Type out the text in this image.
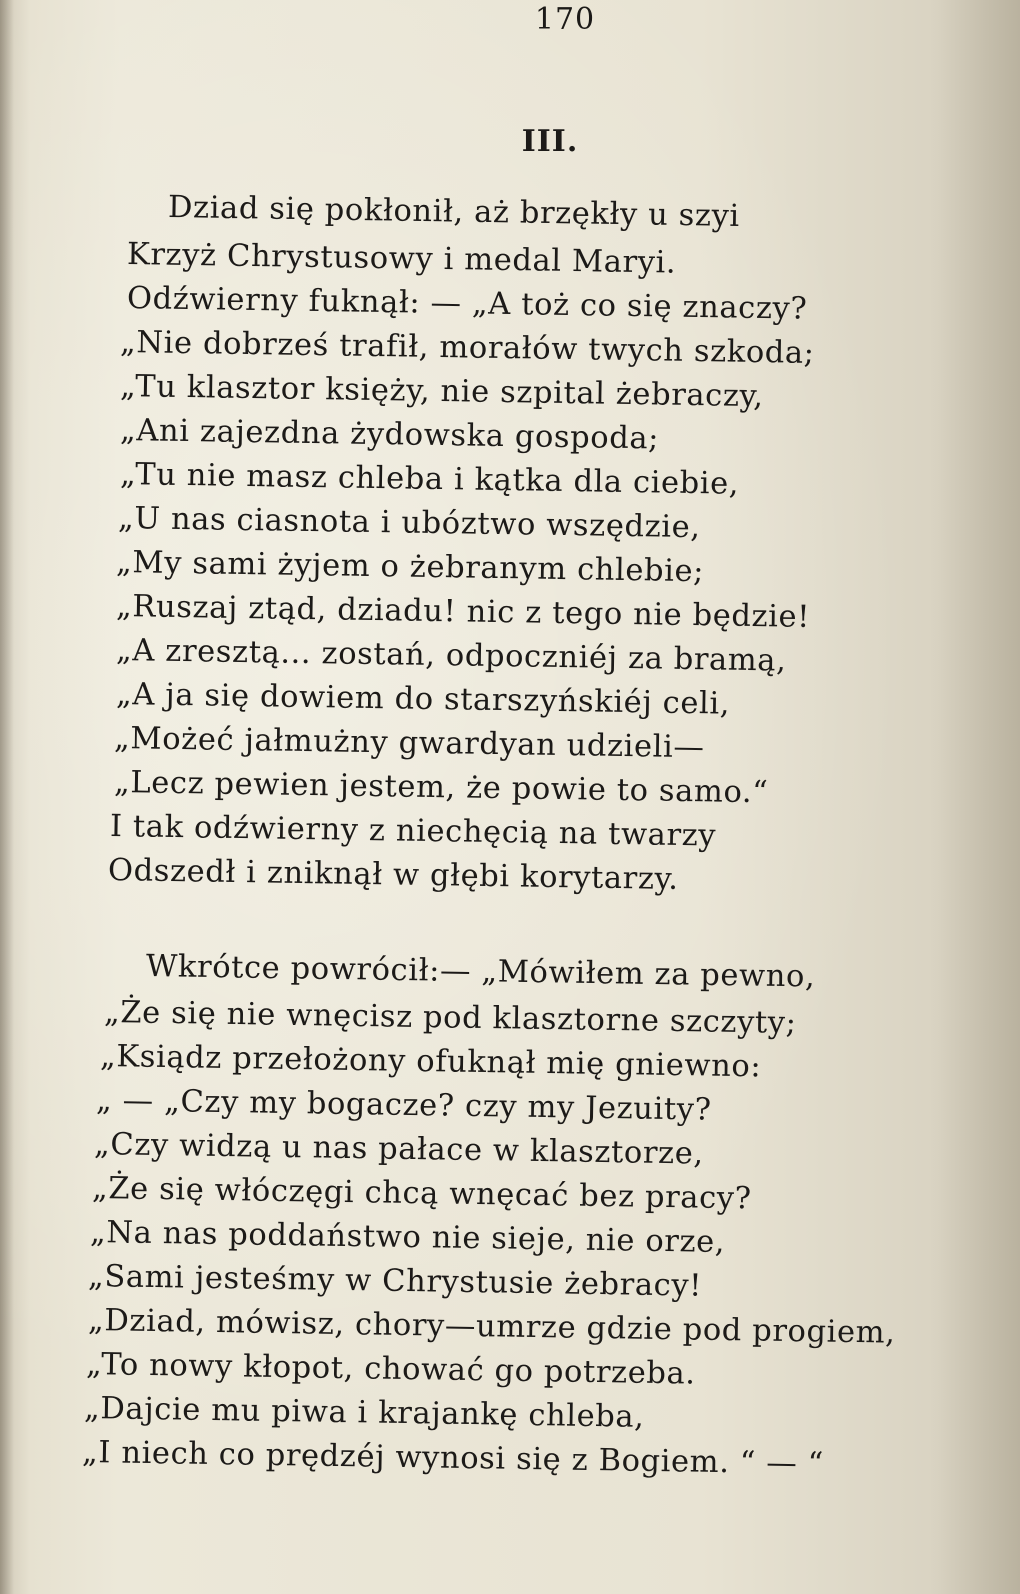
170
III.
Dziad się pokłonił, aż brzękły u szyi
Krzyż Chrystusowy i medal Maryi.
Odźwierny fuknął: — „A toż co się znaczy?
„Nie dobrześ trafił, morałów twych szkoda;
„Tu klasztor księży, nie szpital żebraczy,
„Ani zajezdna żydowska gospoda;
„Tu nie masz chleba i kątka dla ciebie,
„U nas ciasnota i ubóztwo wszędzie,
„My sami żyjem o żebranym chlebie;
„Ruszaj ztąd, dziadu! nic z tego nie będzie!
„A zresztą... zostań, odpoczniéj za bramą,
„A ja się dowiem do starszyńskiéj celi,
„Możeć jałmużny gwardyan udzieli—
„Lecz pewien jestem, że powie to samo.“
I tak odźwierny z niechęcią na twarzy
Odszedł i zniknął w głębi korytarzy.
Wkrótce powrócił:— „Mówiłem za pewno,
„Że się nie wnęcisz pod klasztorne szczyty;
„Ksiądz przełożony ofuknął mię gniewno:
„ — „Czy my bogacze? czy my Jezuity?
„Czy widzą u nas pałace w klasztorze,
„Że się włóczęgi chcą wnęcać bez pracy?
„Na nas poddaństwo nie sieje, nie orze,
„Sami jesteśmy w Chrystusie żebracy!
„Dziad, mówisz, chory—umrze gdzie pod progiem,
„To nowy kłopot, chować go potrzeba.
„Dajcie mu piwa i krajankę chleba,
„I niech co prędzéj wynosi się z Bogiem. “ — “
